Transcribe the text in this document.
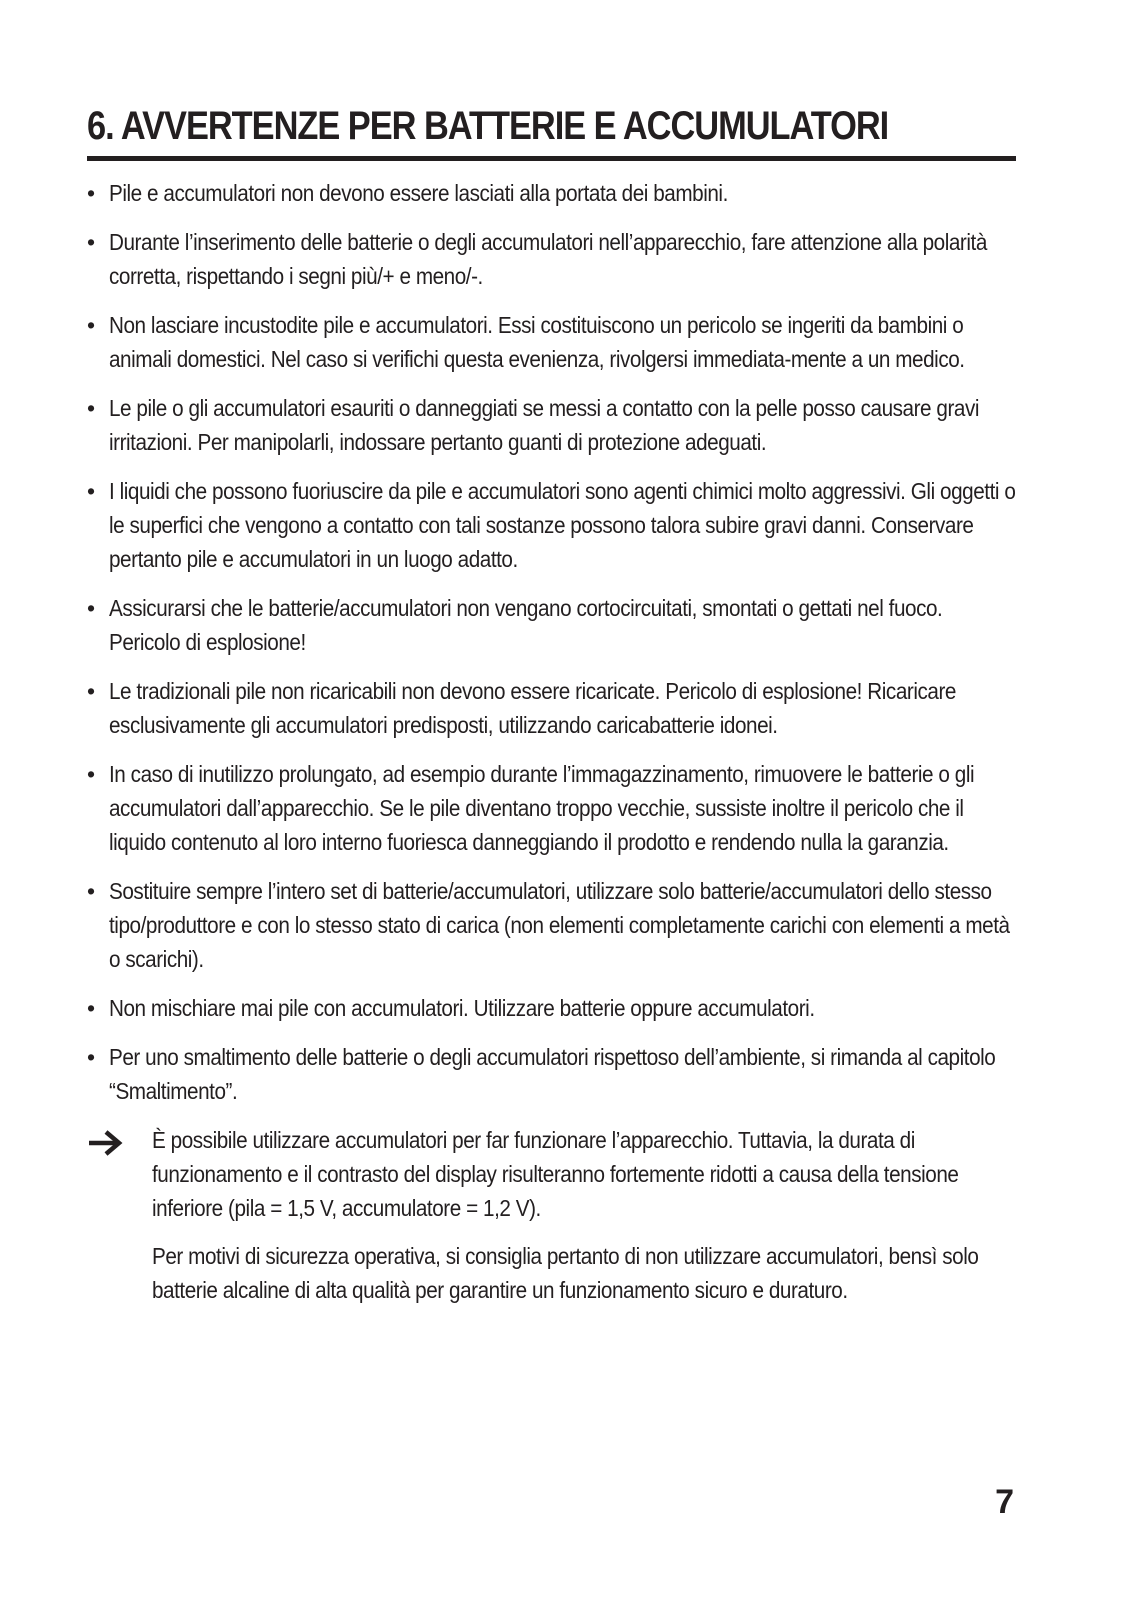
6. AVVERTENZE PER BATTERIE E ACCUMULATORI
• Pile e accumulatori non devono essere lasciati alla portata dei bambini.
• Durante l’inserimento delle batterie o degli accumulatori nell’apparecchio, fare attenzione alla polarità corretta, rispettando i segni più/+ e meno/-.
• Non lasciare incustodite pile e accumulatori. Essi costituiscono un pericolo se ingeriti da bambini o animali domestici. Nel caso si verifichi questa evenienza, rivolgersi immediata-mente a un medico.
• Le pile o gli accumulatori esauriti o danneggiati se messi a contatto con la pelle posso causare gravi irritazioni. Per manipolarli, indossare pertanto guanti di protezione adeguati.
• I liquidi che possono fuoriuscire da pile e accumulatori sono agenti chimici molto aggressivi. Gli oggetti o le superfici che vengono a contatto con tali sostanze possono talora subire gravi danni. Conservare pertanto pile e accumulatori in un luogo adatto.
• Assicurarsi che le batterie/accumulatori non vengano cortocircuitati, smontati o gettati nel fuoco. Pericolo di esplosione!
• Le tradizionali pile non ricaricabili non devono essere ricaricate. Pericolo di esplosione! Ricaricare esclusivamente gli accumulatori predisposti, utilizzando caricabatterie idonei.
• In caso di inutilizzo prolungato, ad esempio durante l’immagazzinamento, rimuovere le batterie o gli accumulatori dall’apparecchio. Se le pile diventano troppo vecchie, sussiste inoltre il pericolo che il liquido contenuto al loro interno fuoriesca danneggiando il prodotto e rendendo nulla la garanzia.
• Sostituire sempre l’intero set di batterie/accumulatori, utilizzare solo batterie/accumulatori dello stesso tipo/produttore e con lo stesso stato di carica (non elementi completamente carichi con elementi a metà o scarichi).
• Non mischiare mai pile con accumulatori. Utilizzare batterie oppure accumulatori.
• Per uno smaltimento delle batterie o degli accumulatori rispettoso dell’ambiente, si rimanda al capitolo “Smaltimento”.

È possibile utilizzare accumulatori per far funzionare l’apparecchio. Tuttavia, la durata di funzionamento e il contrasto del display risulteranno fortemente ridotti a causa della tensione inferiore (pila = 1,5 V, accumulatore = 1,2 V).

Per motivi di sicurezza operativa, si consiglia pertanto di non utilizzare accumulatori, bensì solo batterie alcaline di alta qualità per garantire un funzionamento sicuro e duraturo.

7
